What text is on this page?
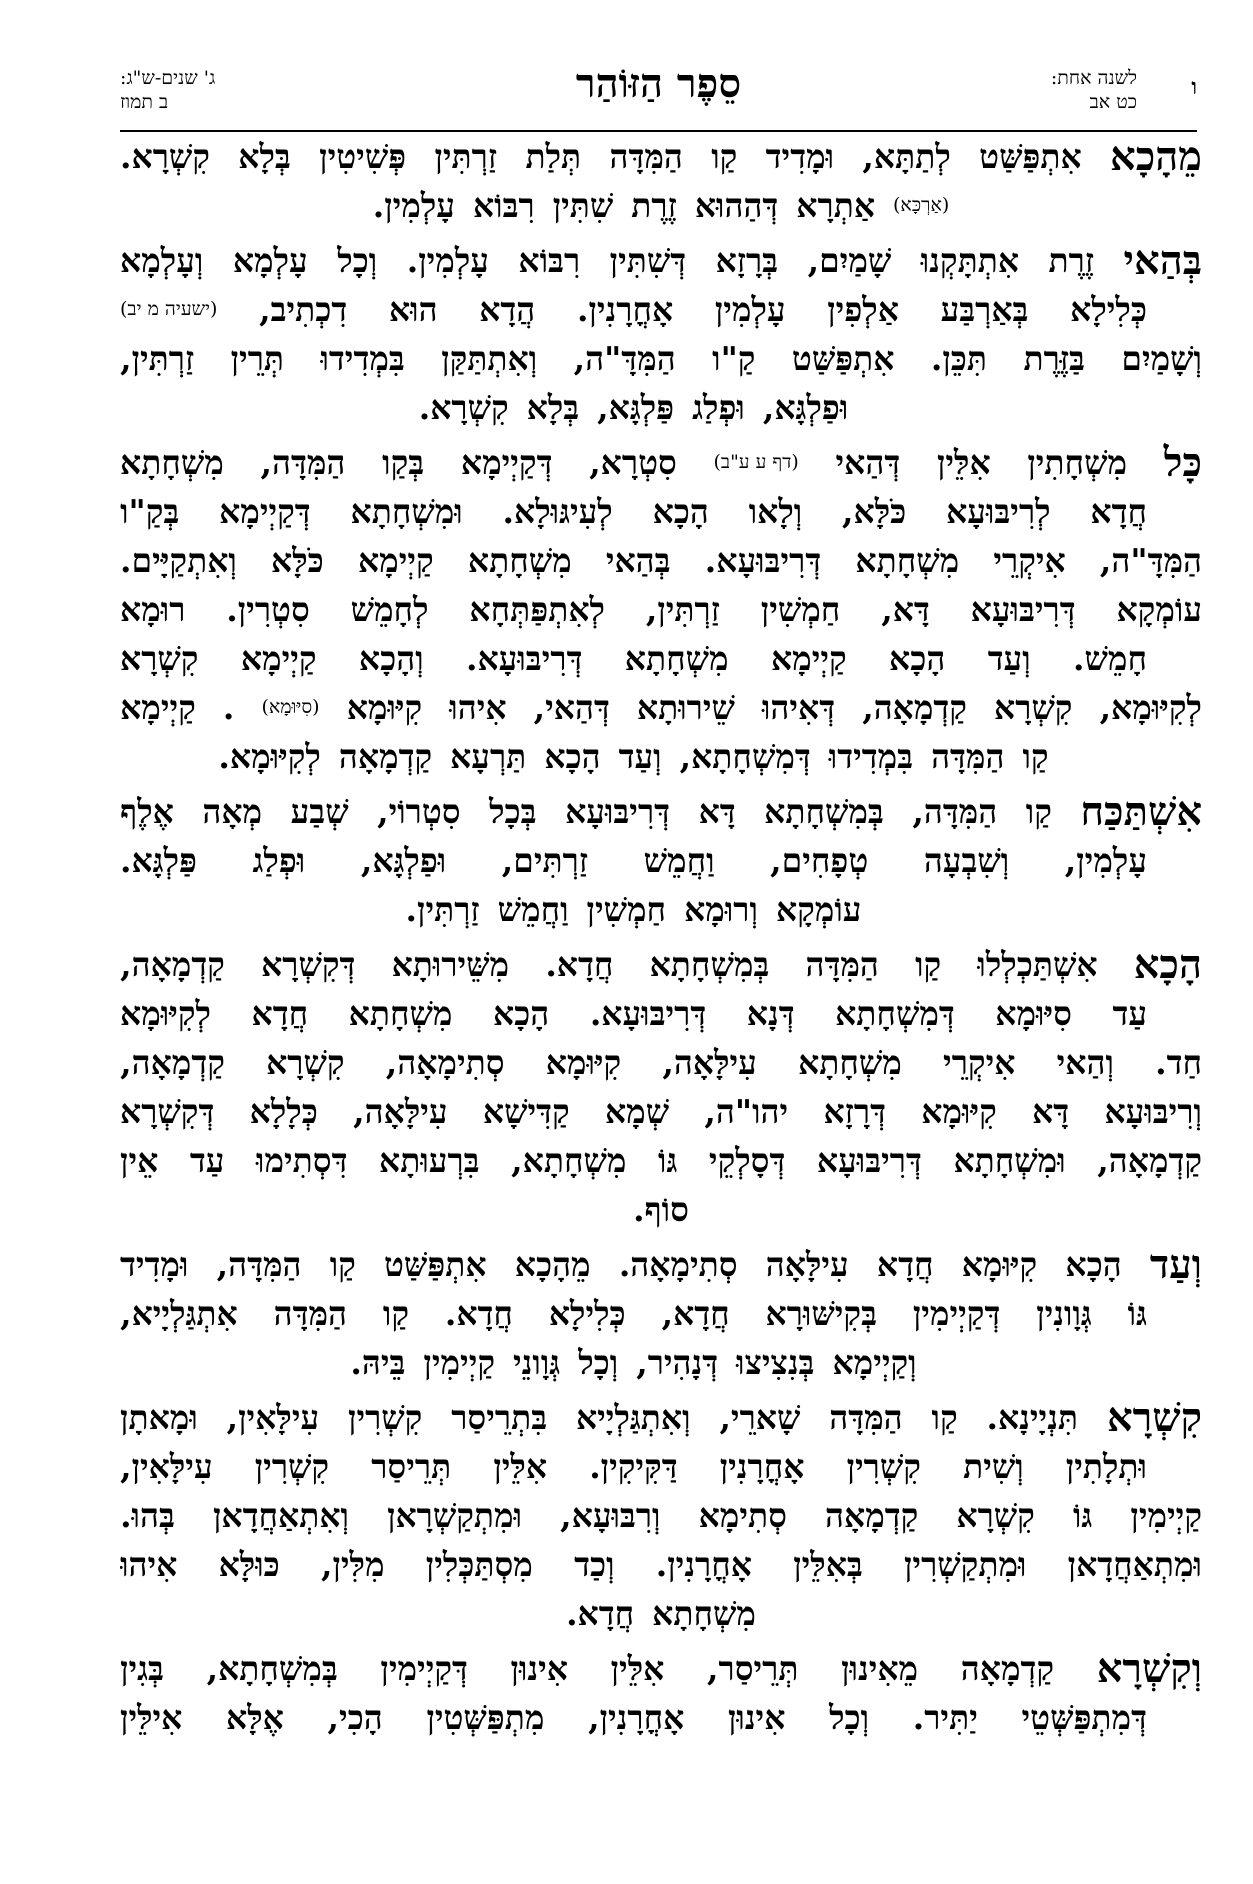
ו
לשנה אחת:
כט אב
סֵפֶר הַזּוֹהַר
ג' שנים-ש"ג:
ב תמוז
מֵהָכָא
אִתְפַּשַּׁט
לְתַתָּא,
וּמָדִיד
קַו
הַמִּדָּה
תְּלַת
זַרְתִּין
פְּשִׁיטִין
בְּלָא
קִשְׁרָא.
(אַרְכָּא)
אַתְרָא
דְּהַהוּא
זֶרֶת
שִׁתִּין
רִבּוֹא
עָלְמִין.
בְּהַאי
זֶרֶת
אִתְתָּקְנוּ
שָׁמַיִם,
בְּרָזָא
דְּשִׁתִּין
רִבּוֹא
עָלְמִין.
וְכָל
עָלְמָא
וְעָלְמָא
כְּלִילָא
בְּאַרְבַּע
אַלְפִין
עָלְמִין
אָחֳרָנִין.
הֲדָא
הוּא
דִכְתִיב,
(ישעיה מ יב)
וְשָׁמַיִם
בַּזֶּרֶת
תִּכֵּן.
אִתְפַּשַּׁט
קַ"ו
הַמִּדָּ"ה,
וְאִתְתַּקַּן
בִּמְדִידוּ
תְּרֵין
זַרְתִּין,
וּפַלְגָּא,
וּפְלַג
פַּלְגָּא,
בְּלָא
קִשְׁרָא.
כָּל
מִשְׁחָתִין
אִלֵּין
דְּהַאי
(דף ע ע"ב)
סִטְרָא,
דְּקַיְימָא
בְּקַו
הַמִּדָּה,
מִשְׁחָתָא
חֲדָא
לְרִיבּוּעָא
כֹּלָּא,
וְלָאו
הָכָא
לְעִיגּוּלָא.
וּמִשְׁחָתָא
דְּקַיְימָא
בְּקַ"ו
הַמִּדָּ"ה,
אִיקְרֵי
מִשְׁחָתָא
דְּרִיבּוּעָא.
בְּהַאי
מִשְׁחָתָא
קַיְימָא
כֹּלָּא
וְאִתְקַיָּים.
עוֹמְקָא
דְּרִיבּוּעָא
דָּא,
חַמְשִׁין
זַרְתִּין,
לְאִתְפַּתְּחָא
לְחָמֵשׁ
סִטְרִין.
רוּמָא
חָמֵשׁ.
וְעַד
הָכָא
קַיְימָא
מִשְׁחָתָא
דְּרִיבּוּעָא.
וְהָכָא
קַיְימָא
קִשְׁרָא
לְקִיּוּמָא,
קִשְׁרָא
קַדְמָאָה,
דְּאִיהוּ
שֵׁירוּתָא
דְּהַאי,
אִיהוּ
קִיּוּמָא
(סִיּוּמָא)
.
קַיְימָא
קַו
הַמִּדָּה
בִּמְדִידוּ
דְּמִשְׁחָתָא,
וְעַד
הָכָא
תַּרְעָא
קַדְמָאָה
לְקִיּוּמָא.
אִשְׁתַּכַּח
קַו
הַמִּדָּה,
בְּמִשְׁחָתָא
דָּא
דְּרִיבּוּעָא
בְּכָל
סִטְרוֹי,
שְׁבַע
מְאָה
אֶלֶף
עָלְמִין,
וְשִׁבְעָה
טְפָחִים,
וַחֲמֵשׁ
זַרְתִּים,
וּפַלְגָּא,
וּפְלַג
פַּלְגָּא.
עוֹמְקָא
וְרוּמָא
חַמְשִׁין
וַחֲמֵשׁ
זַרְתִּין.
הָכָא
אִשְׁתַּכְלְלוּ
קַו
הַמִּדָּה
בְּמִשְׁחָתָא
חֲדָא.
מִשֵּׁירוּתָא
דְּקִשְׁרָא
קַדְמָאָה,
עַד
סִיּוּמָא
דְּמִשְׁחָתָא
דְּנָא
דְּרִיבּוּעָא.
הָכָא
מִשְׁחָתָא
חֲדָא
לְקִיּוּמָא
חַד.
וְהַאי
אִיקְרֵי
מִשְׁחָתָא
עִילָּאָה,
קִיּוּמָא
סְתִימָאָה,
קִשְׁרָא
קַדְמָאָה,
וְרִיבּוּעָא
דָּא
קִיּוּמָא
דְּרָזָא
יהו"ה,
שְׁמָא
קַדִּישָׁא
עִילָּאָה,
כְּלָלָא
דְּקִשְׁרָא
קַדְמָאָה,
וּמִשְׁחָתָא
דְּרִיבּוּעָא
דְּסָלְקֵי
גּוֹ
מִשְׁחָתָא,
בִּרְעוּתָא
דִּסְתִימוּ
עַד
אֵין
סוֹף.
וְעַד
הָכָא
קִיּוּמָא
חֲדָא
עִילָּאָה
סְתִימָאָה.
מֵהָכָא
אִתְפַּשַּׁט
קַו
הַמִּדָּה,
וּמָדִיד
גּוֹ
גְּוָונִין
דְּקַיְימִין
בְּקִישּׁוּרָא
חֲדָא,
כְּלִילָא
חֲדָא.
קַו
הַמִּדָּה
אִתְגַּלְיָיא,
וְקַיְימָא
בְּנִצִיצוּ
דְּנָהִיר,
וְכָל
גְּוָונֵי
קַיְימִין
בֵּיהּ.
קִשְׁרָא
תִּנְיָינָא.
קַו
הַמִּדָּה
שָׁארֵי,
וְאִתְגַּלְיָיא
בִּתְרֵיסַר
קִשְׁרִין
עִילָּאִין,
וּמָאתָן
וּתְלָתִין
וְשִׁית
קִשְׁרִין
אָחֳרָנִין
דַּקִּיקִין.
אִלֵּין
תְּרֵיסַר
קִשְׁרִין
עִילָּאִין,
קַיְימִין
גּוֹ
קִשְׁרָא
קַדְמָאָה
סְתִימָא
וְרִבּוּעָא,
וּמִתְקַשְׁרָאן
וְאִתְאַחֲדָאן
בְּהוּ.
וּמִתְאַחֲדָאן
וּמִתְקַשְׁרִין
בְּאִלֵּין
אָחֳרָנִין.
וְכַד
מִסְתַּכְּלִין
מִלִּין,
כּוּלָּא
אִיהוּ
מִשְׁחָתָא
חֲדָא.
וְקִשְׁרָא
קַדְמָאָה
מֵאִינוּן
תְּרֵיסַר,
אִלֵּין
אִינוּן
דְּקַיְימִין
בְּמִשְׁחָתָא,
בְּגִין
דְּמִתְפַּשְּׁטֵי
יַתִּיר.
וְכָל
אִינוּן
אָחֳרָנִין,
מִתְפַּשְּׁטִין
הָכִי,
אֶלָּא
אִילֵּין
